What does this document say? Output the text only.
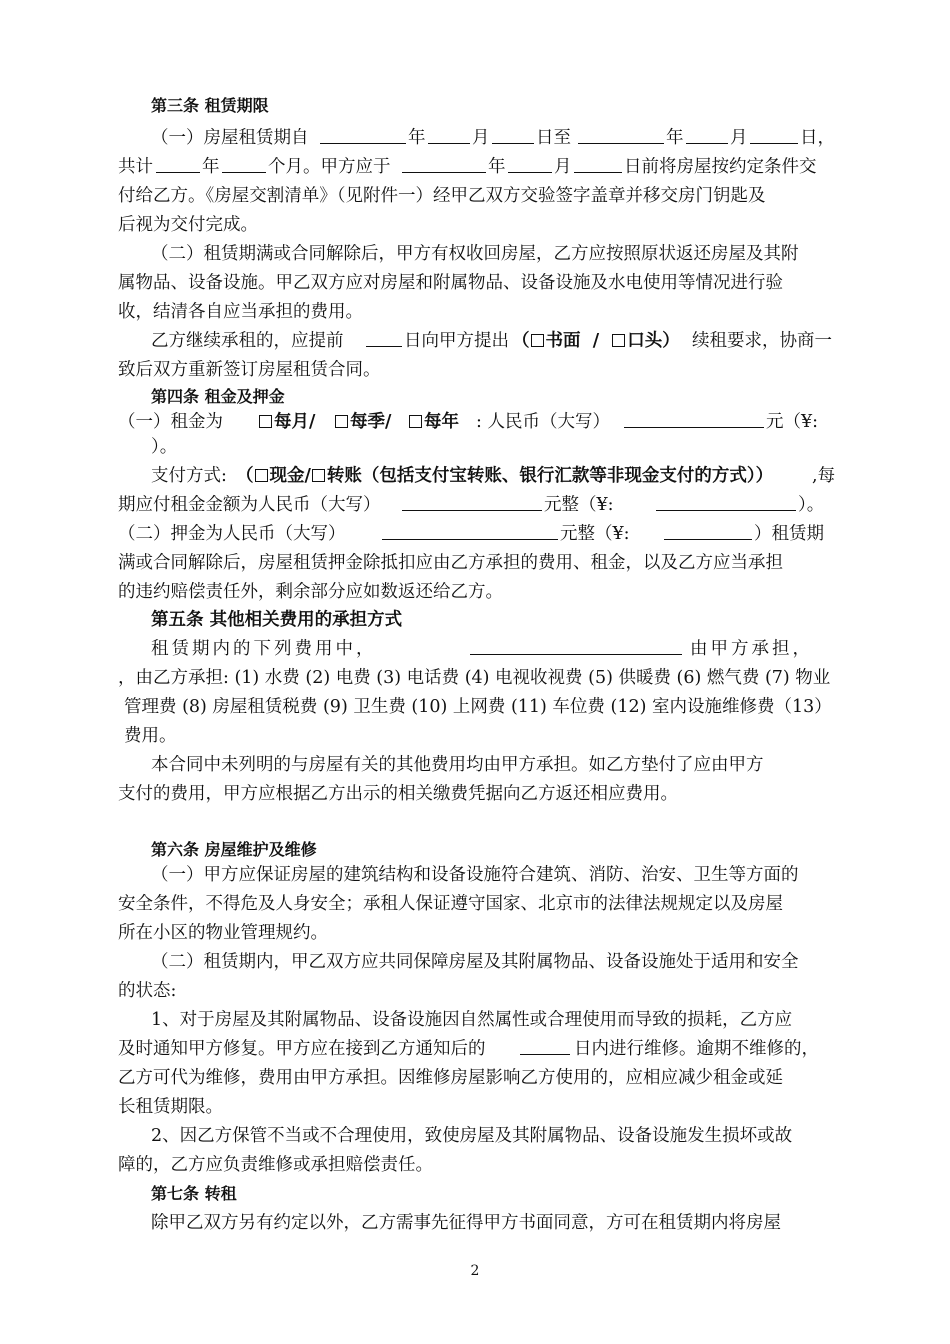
第三条 租赁期限
（一）房屋租赁期自	年	月	日至	年	月	日，
共计	年	个月。甲方应于	年	月	日前将房屋按约定条件交
付给乙方。《房屋交割清单》（见附件一）经甲乙双方交验签字盖章并移交房门钥匙及
后视为交付完成。
（二）租赁期满或合同解除后，甲方有权收回房屋，乙方应按照原状返还房屋及其附
属物品、设备设施。甲乙双方应对房屋和附属物品、设备设施及水电使用等情况进行验
收，结清各自应当承担的费用。
乙方继续承租的，应提前	日向甲方提出 （ 书面 / 口头） 续租要求，协商一
致后双方重新签订房屋租赁合同。
第四条 租金及押金
（一）租金为	每月/	每季/	每年 : 人民币（大写）	元（¥:
）。
支付方式: （ 现金/ 转账（包括支付宝转账、银行汇款等非现金支付的方式）） ,每
期应付租金金额为人民币（大写）	元整（¥:	）。
（二）押金为人民币（大写）	元整（¥:	）租赁期
满或合同解除后，房屋租赁押金除抵扣应由乙方承担的费用、租金，以及乙方应当承担
的违约赔偿责任外，剩余部分应如数返还给乙方。
第五条 其他相关费用的承担方式
租赁期内的下列费用中，	由甲方承担，
，由乙方承担: (1) 水费 (2) 电费 (3) 电话费 (4) 电视收视费 (5) 供暖费 (6) 燃气费 (7) 物业
管理费 (8) 房屋租赁税费 (9) 卫生费 (10) 上网费 (11) 车位费 (12) 室内设施维修费（13）
费用。
本合同中未列明的与房屋有关的其他费用均由甲方承担。如乙方垫付了应由甲方
支付的费用，甲方应根据乙方出示的相关缴费凭据向乙方返还相应费用。
第六条 房屋维护及维修
（一）甲方应保证房屋的建筑结构和设备设施符合建筑、消防、治安、卫生等方面的
安全条件，不得危及人身安全；承租人保证遵守国家、北京市的法律法规规定以及房屋
所在小区的物业管理规约。
（二）租赁期内，甲乙双方应共同保障房屋及其附属物品、设备设施处于适用和安全
的状态:
1、对于房屋及其附属物品、设备设施因自然属性或合理使用而导致的损耗，乙方应
及时通知甲方修复。甲方应在接到乙方通知后的	日内进行维修。逾期不维修的，
乙方可代为维修，费用由甲方承担。因维修房屋影响乙方使用的，应相应减少租金或延
长租赁期限。
2、因乙方保管不当或不合理使用，致使房屋及其附属物品、设备设施发生损坏或故
障的，乙方应负责维修或承担赔偿责任。
第七条 转租
除甲乙双方另有约定以外，乙方需事先征得甲方书面同意，方可在租赁期内将房屋
2
